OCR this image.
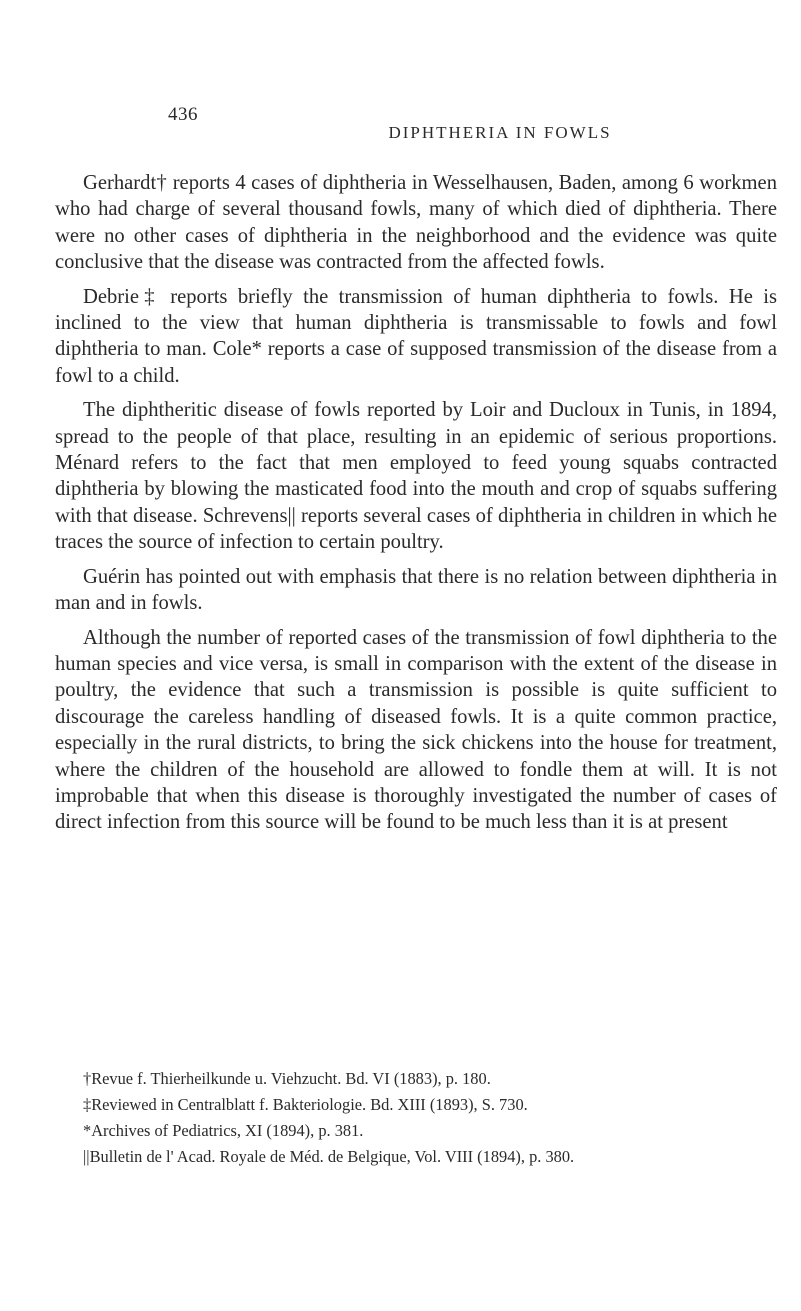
436
DIPHTHERIA IN FOWLS

Gerhardt† reports 4 cases of diphtheria in Wesselhausen, Baden, among 6 workmen who had charge of several thousand fowls, many of which died of diphtheria. There were no other cases of diphtheria in the neighborhood and the evidence was quite conclusive that the disease was contracted from the affected fowls.

Debrie‡ reports briefly the transmission of human diphtheria to fowls. He is inclined to the view that human diphtheria is transmissable to fowls and fowl diphtheria to man. Cole* reports a case of supposed transmission of the disease from a fowl to a child.

The diphtheritic disease of fowls reported by Loir and Ducloux in Tunis, in 1894, spread to the people of that place, resulting in an epidemic of serious proportions. Ménard refers to the fact that men employed to feed young squabs contracted diphtheria by blowing the masticated food into the mouth and crop of squabs suffering with that disease. Schrevens|| reports several cases of diphtheria in children in which he traces the source of infection to certain poultry.

Guérin has pointed out with emphasis that there is no relation between diphtheria in man and in fowls.

Although the number of reported cases of the transmission of fowl diphtheria to the human species and vice versa, is small in comparison with the extent of the disease in poultry, the evidence that such a transmission is possible is quite sufficient to discourage the careless handling of diseased fowls. It is a quite common practice, especially in the rural districts, to bring the sick chickens into the house for treatment, where the children of the household are allowed to fondle them at will. It is not improbable that when this disease is thoroughly investigated the number of cases of direct infection from this source will be found to be much less than it is at present

†Revue f. Thierheilkunde u. Viehzucht. Bd. VI (1883), p. 180.

‡Reviewed in Centralblatt f. Bakteriologie. Bd. XIII (1893), S. 730.

*Archives of Pediatrics, XI (1894), p. 381.

||Bulletin de l' Acad. Royale de Méd. de Belgique, Vol. VIII (1894), p. 380.
